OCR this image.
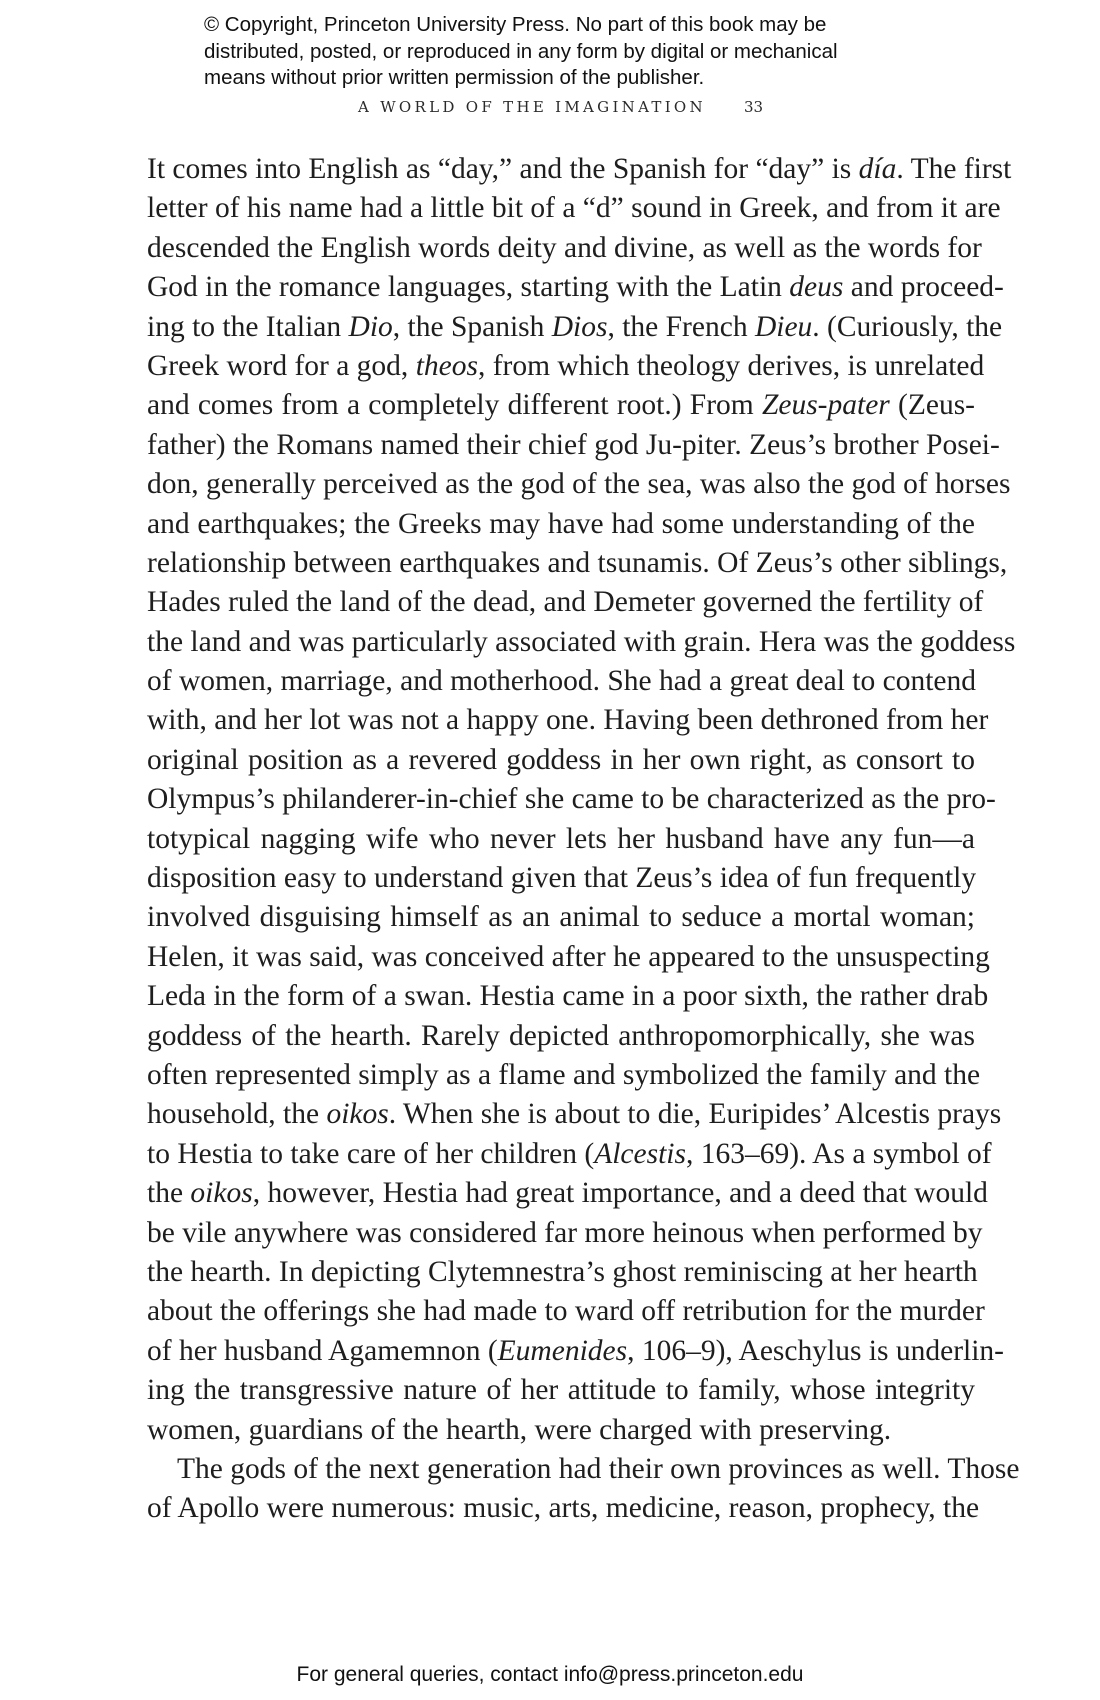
© Copyright, Princeton University Press. No part of this book may be
distributed, posted, or reproduced in any form by digital or mechanical
means without prior written permission of the publisher.
A WORLD OF THE IMAGINATION	33
It comes into English as “day,” and the Spanish for “day” is día. The first
letter of his name had a little bit of a “d” sound in Greek, and from it are
descended the English words deity and divine, as well as the words for
God in the romance languages, starting with the Latin deus and proceed-
ing to the Italian Dio, the Spanish Dios, the French Dieu. (Curiously, the
Greek word for a god, theos, from which theology derives, is unrelated
and comes from a completely different root.) From Zeus-pater (Zeus-
father) the Romans named their chief god Ju-piter. Zeus’s brother Posei-
don, generally perceived as the god of the sea, was also the god of horses
and earthquakes; the Greeks may have had some understanding of the
relationship between earthquakes and tsunamis. Of Zeus’s other siblings,
Hades ruled the land of the dead, and Demeter governed the fertility of
the land and was particularly associated with grain. Hera was the goddess
of women, marriage, and motherhood. She had a great deal to contend
with, and her lot was not a happy one. Having been dethroned from her
original position as a revered goddess in her own right, as consort to
Olympus’s philanderer-in-chief she came to be characterized as the pro-
totypical nagging wife who never lets her husband have any fun—a
disposition easy to understand given that Zeus’s idea of fun frequently
involved disguising himself as an animal to seduce a mortal woman;
Helen, it was said, was conceived after he appeared to the unsuspecting
Leda in the form of a swan. Hestia came in a poor sixth, the rather drab
goddess of the hearth. Rarely depicted anthropomorphically, she was
often represented simply as a flame and symbolized the family and the
household, the oikos. When she is about to die, Euripides’ Alcestis prays
to Hestia to take care of her children (Alcestis, 163–69). As a symbol of
the oikos, however, Hestia had great importance, and a deed that would
be vile anywhere was considered far more heinous when performed by
the hearth. In depicting Clytemnestra’s ghost reminiscing at her hearth
about the offerings she had made to ward off retribution for the murder
of her husband Agamemnon (Eumenides, 106–9), Aeschylus is underlin-
ing the transgressive nature of her attitude to family, whose integrity
women, guardians of the hearth, were charged with preserving.
The gods of the next generation had their own provinces as well. Those
of Apollo were numerous: music, arts, medicine, reason, prophecy, the
For general queries, contact info@press.princeton.edu
